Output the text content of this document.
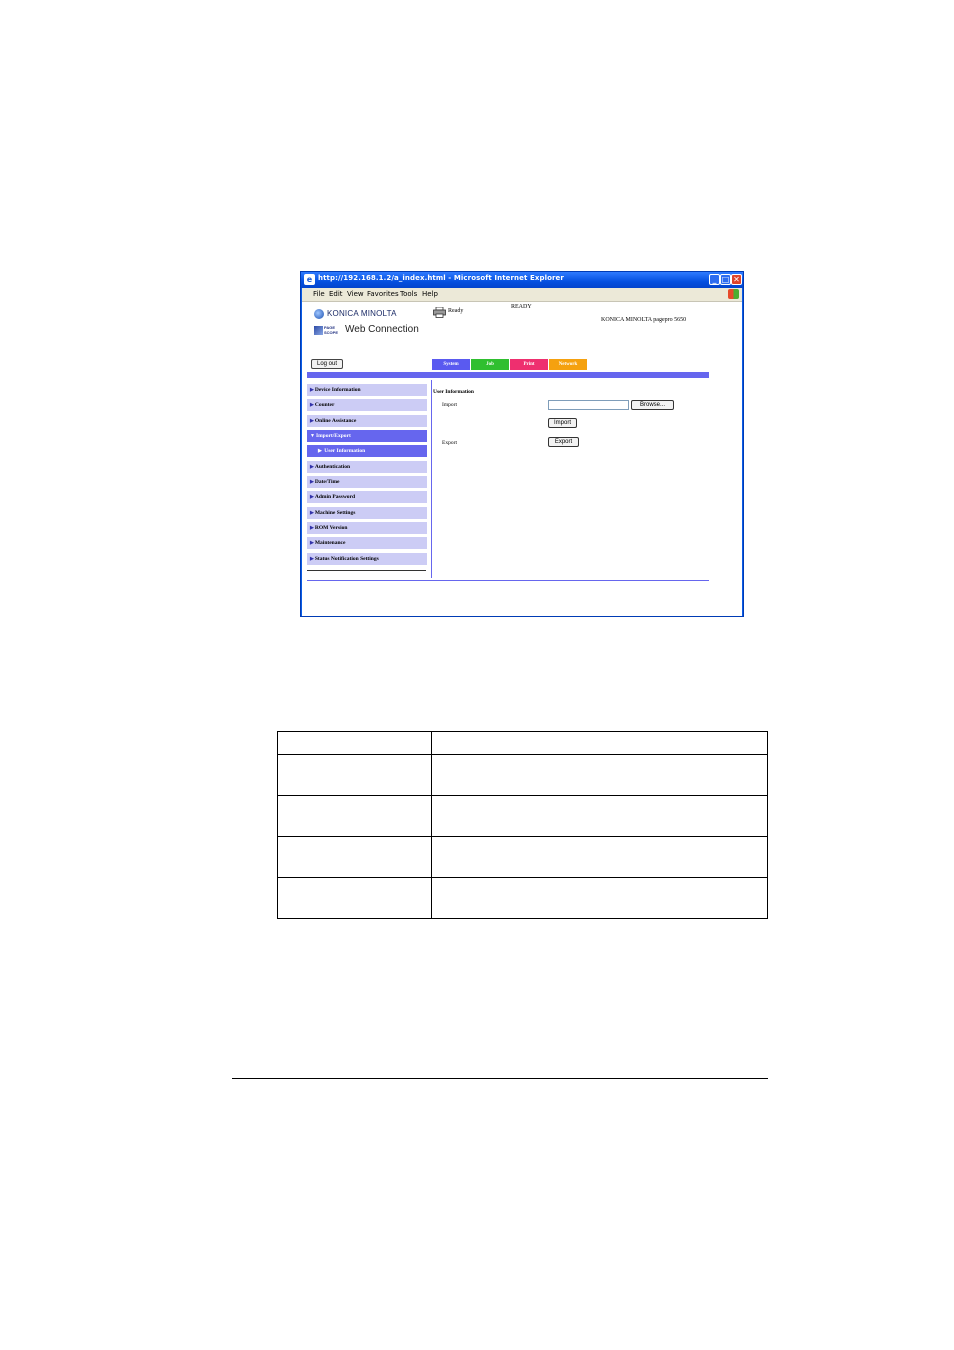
e http://192.168.1.2/a_index.html - Microsoft Internet Explorer	_ □ ✕
File Edit View Favorites Tools Help
KONICA MINOLTA
PAGE
SCOPE Web Connection
Ready
READY
KONICA MINOLTA pagepro 5650
Log out	System	Job	Print	Network
▶Device Information
▶Counter
▶Online Assistance
▼Import/Export
▶ User Information
▶Authentication
▶Date/Time
▶Admin Password
▶Machine Settings
▶ROM Version
▶Maintenance
▶Status Notification Settings
User Information
Import	Browse...
Import
Export	Export
